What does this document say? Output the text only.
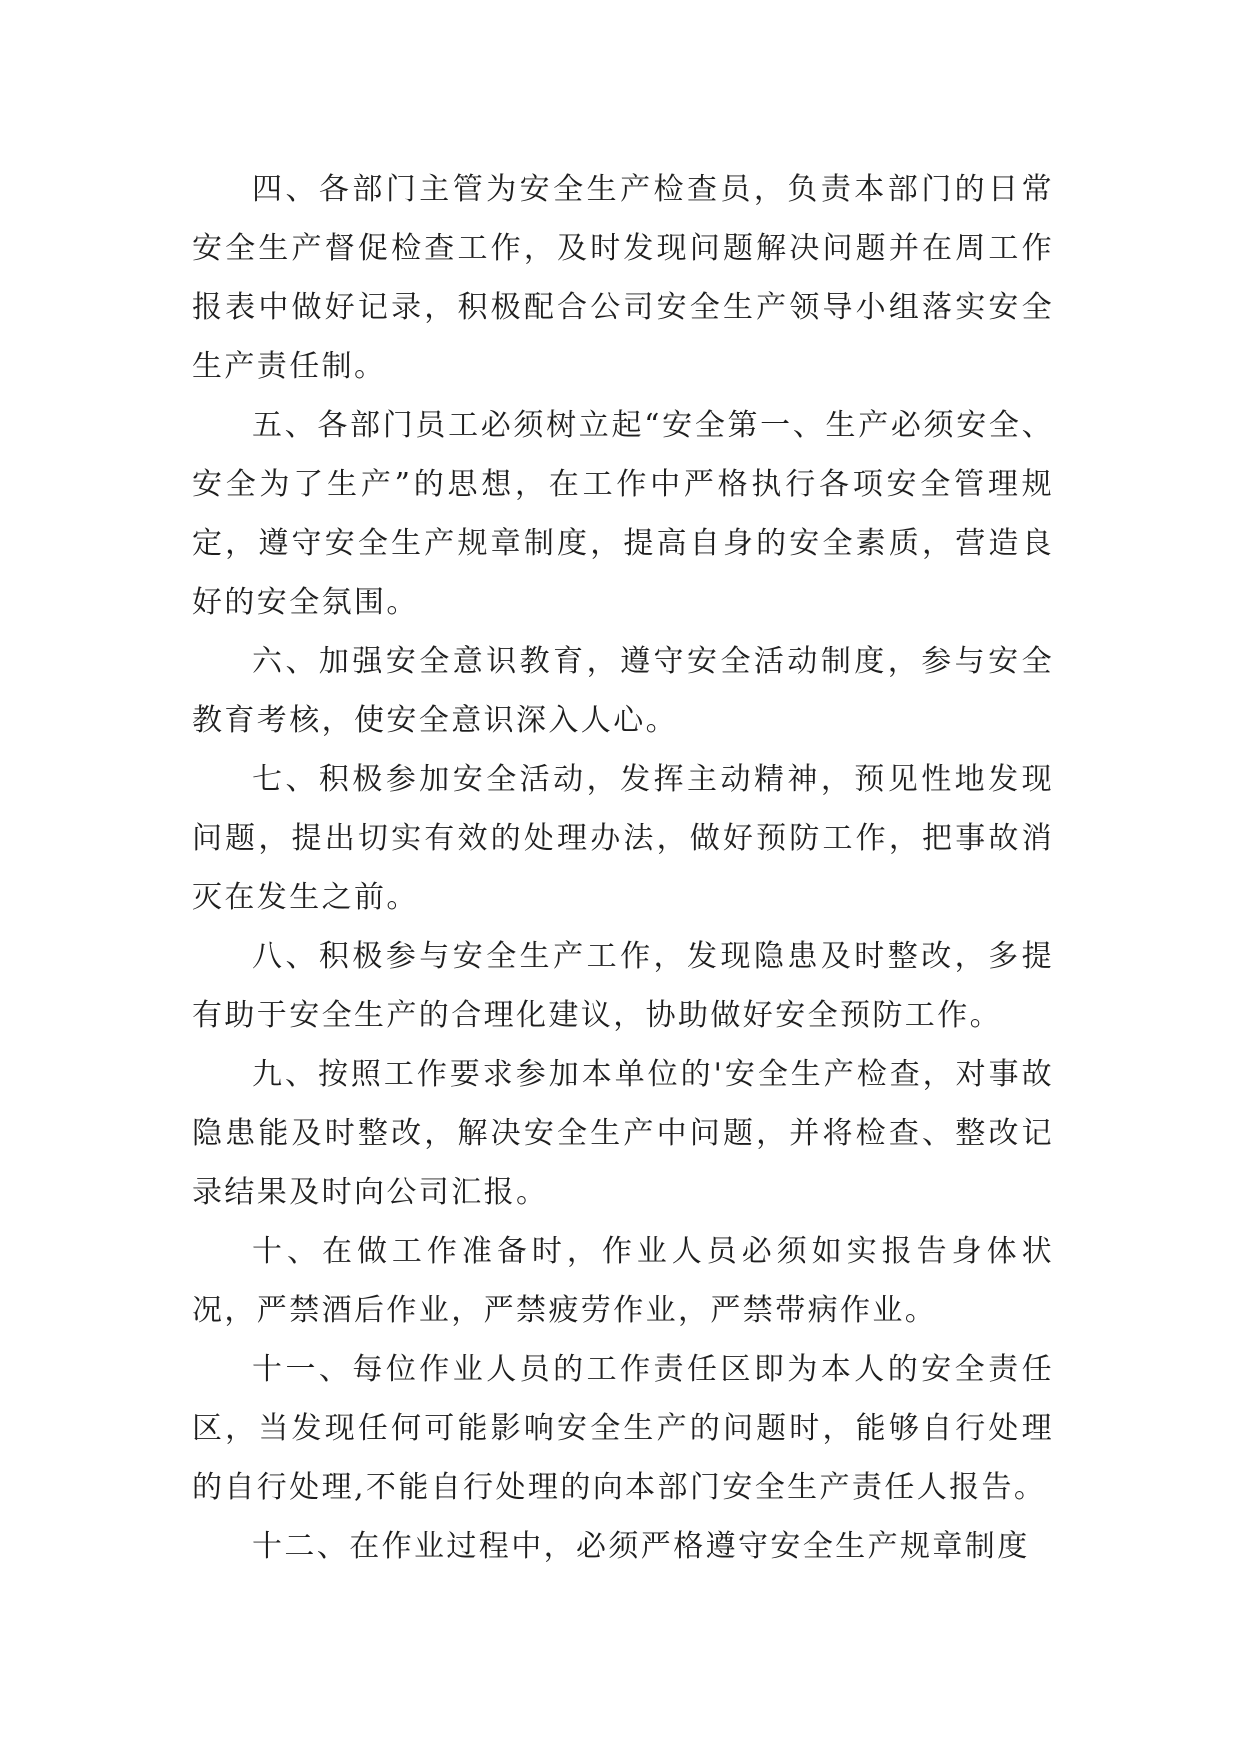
四、各部门主管为安全生产检查员，负责本部门的日常安全生产督促检查工作，及时发现问题解决问题并在周工作报表中做好记录，积极配合公司安全生产领导小组落实安全生产责任制。

五、各部门员工必须树立起“安全第一、生产必须安全、安全为了生产”的思想，在工作中严格执行各项安全管理规定，遵守安全生产规章制度，提高自身的安全素质，营造良好的安全氛围。

六、加强安全意识教育，遵守安全活动制度，参与安全教育考核，使安全意识深入人心。

七、积极参加安全活动，发挥主动精神，预见性地发现问题，提出切实有效的处理办法，做好预防工作，把事故消灭在发生之前。

八、积极参与安全生产工作，发现隐患及时整改，多提有助于安全生产的合理化建议，协助做好安全预防工作。

九、按照工作要求参加本单位的'安全生产检查，对事故隐患能及时整改，解决安全生产中问题，并将检查、整改记录结果及时向公司汇报。

十、在做工作准备时，作业人员必须如实报告身体状况，严禁酒后作业，严禁疲劳作业，严禁带病作业。

十一、每位作业人员的工作责任区即为本人的安全责任区，当发现任何可能影响安全生产的问题时，能够自行处理的自行处理,不能自行处理的向本部门安全生产责任人报告。

十二、在作业过程中，必须严格遵守安全生产规章制度
